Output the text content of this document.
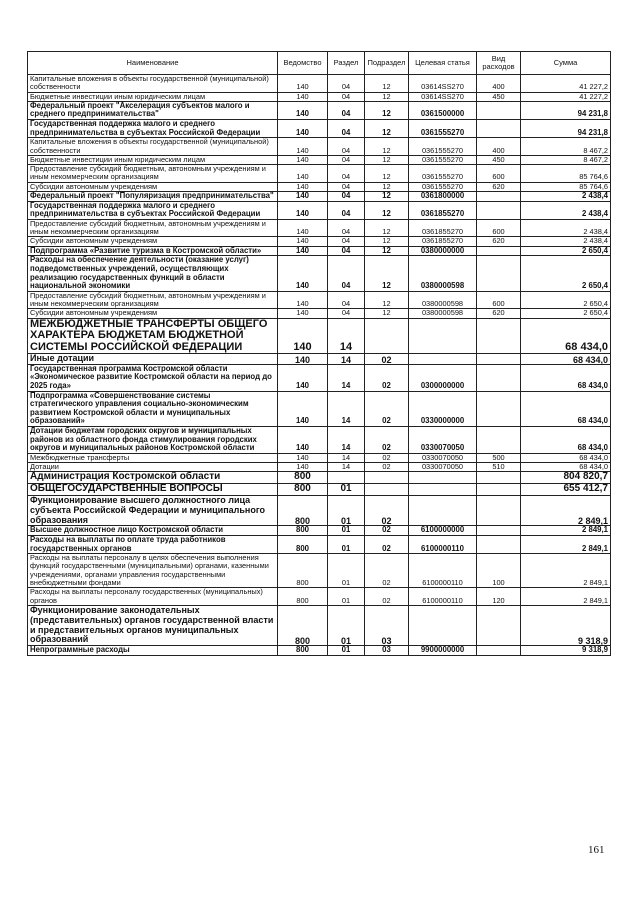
Наименование	Ведомство	Раздел	Подраздел	Целевая статья	Вид расходов	Сумма
Капитальные вложения в объекты государственной (муниципальной) собственности	140	04	12	03614SS270	400	41 227,2
Бюджетные инвестиции иным юридическим лицам	140	04	12	03614SS270	450	41 227,2
Федеральный проект "Акселерация субъектов малого и среднего предпринимательства"	140	04	12	0361500000		94 231,8
Государственная поддержка малого и среднего предпринимательства в субъектах Российской Федерации	140	04	12	0361555270		94 231,8
Капитальные вложения в объекты государственной (муниципальной) собственности	140	04	12	0361555270	400	8 467,2
Бюджетные инвестиции иным юридическим лицам	140	04	12	0361555270	450	8 467,2
Предоставление субсидий бюджетным, автономным учреждениям и иным некоммерческим организациям	140	04	12	0361555270	600	85 764,6
Субсидии автономным учреждениям	140	04	12	0361555270	620	85 764,6
Федеральный проект "Популяризация предпринимательства"	140	04	12	0361800000		2 438,4
Государственная поддержка малого и среднего предпринимательства в субъектах Российской Федерации	140	04	12	0361855270		2 438,4
Предоставление субсидий бюджетным, автономным учреждениям и иным некоммерческим организациям	140	04	12	0361855270	600	2 438,4
Субсидии автономным учреждениям	140	04	12	0361855270	620	2 438,4
Подпрограмма «Развитие туризма в Костромской области»	140	04	12	0380000000		2 650,4
Расходы на обеспечение деятельности (оказание услуг) подведомственных учреждений, осуществляющих реализацию государственных функций в области национальной экономики	140	04	12	0380000598		2 650,4
Предоставление субсидий бюджетным, автономным учреждениям и иным некоммерческим организациям	140	04	12	0380000598	600	2 650,4
Субсидии автономным учреждениям	140	04	12	0380000598	620	2 650,4
МЕЖБЮДЖЕТНЫЕ ТРАНСФЕРТЫ ОБЩЕГО ХАРАКТЕРА БЮДЖЕТАМ БЮДЖЕТНОЙ СИСТЕМЫ РОССИЙСКОЙ ФЕДЕРАЦИИ	140	14				68 434,0
Иные дотации	140	14	02			68 434,0
Государственная программа Костромской области «Экономическое развитие Костромской области на период до 2025 года»	140	14	02	0300000000		68 434,0
Подпрограмма «Совершенствование системы стратегического управления социально-экономическим развитием Костромской области и муниципальных образований»	140	14	02	0330000000		68 434,0
Дотации бюджетам городских округов и муниципальных районов из областного фонда стимулирования городских округов и муниципальных районов Костромской области	140	14	02	0330070050		68 434,0
Межбюджетные трансферты	140	14	02	0330070050	500	68 434,0
Дотации	140	14	02	0330070050	510	68 434,0
Администрация Костромской области	800					804 820,7
ОБЩЕГОСУДАРСТВЕННЫЕ ВОПРОСЫ	800	01				655 412,7
Функционирование высшего должностного лица субъекта Российской Федерации и муниципального образования	800	01	02			2 849,1
Высшее должностное лицо Костромской области	800	01	02	6100000000		2 849,1
Расходы на выплаты по оплате труда работников государственных органов	800	01	02	6100000110		2 849,1
Расходы на выплаты персоналу в целях обеспечения выполнения функций государственными (муниципальными) органами, казенными учреждениями, органами управления государственными внебюджетными фондами	800	01	02	6100000110	100	2 849,1
Расходы на выплаты персоналу государственных (муниципальных) органов	800	01	02	6100000110	120	2 849,1
Функционирование законодательных (представительных) органов государственной власти и представительных органов муниципальных образований	800	01	03			9 318,9
Непрограммные расходы	800	01	03	9900000000		9 318,9
161
